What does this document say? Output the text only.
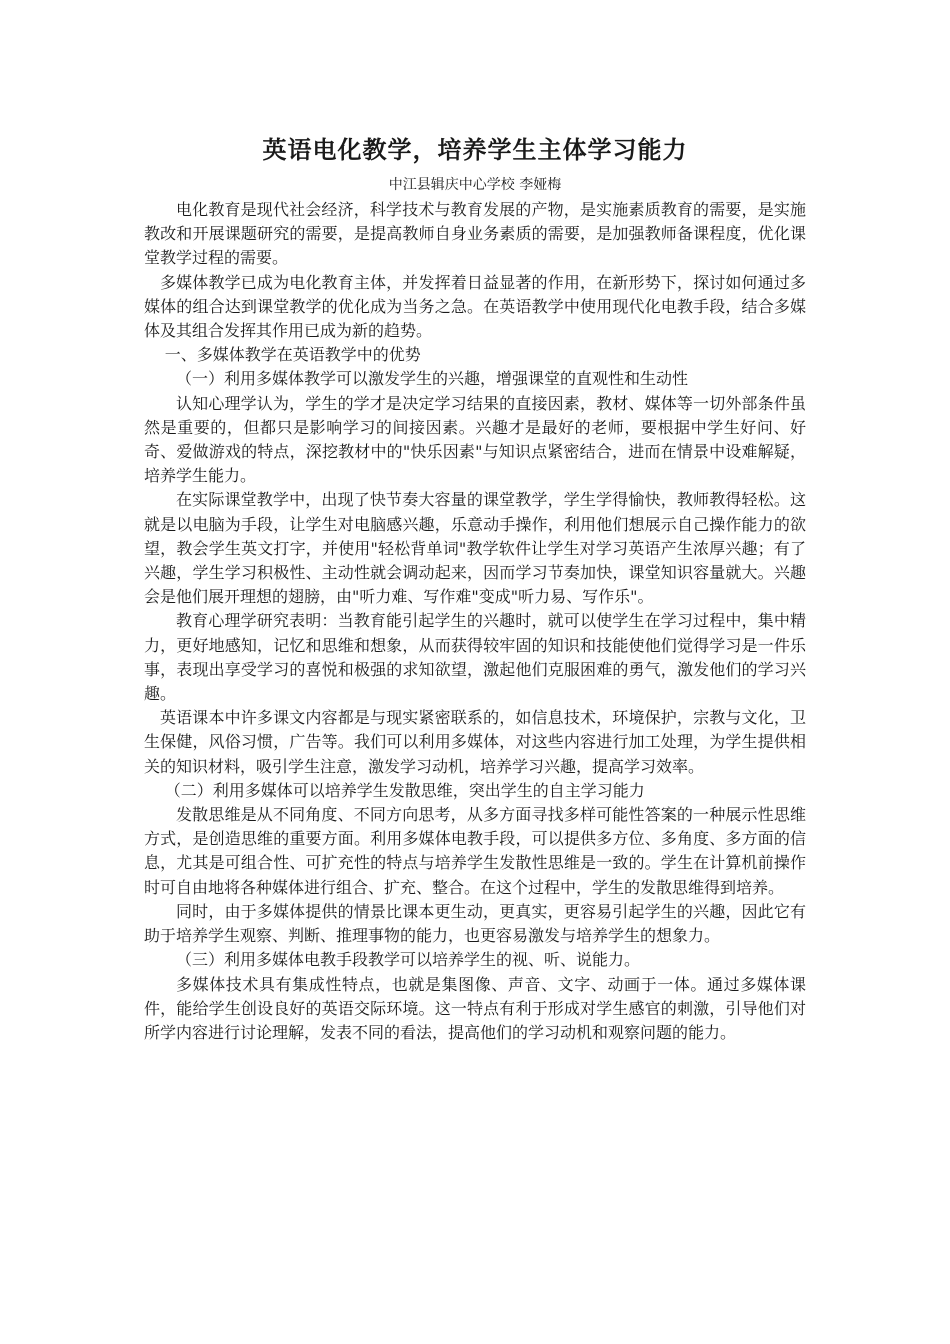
英语电化教学，培养学生主体学习能力

中江县辑庆中心学校 李娅梅

电化教育是现代社会经济，科学技术与教育发展的产物，是实施素质教育的需要，是实施教改和开展课题研究的需要，是提高教师自身业务素质的需要，是加强教师备课程度，优化课堂教学过程的需要。

多媒体教学已成为电化教育主体，并发挥着日益显著的作用，在新形势下，探讨如何通过多媒体的组合达到课堂教学的优化成为当务之急。在英语教学中使用现代化电教手段，结合多媒体及其组合发挥其作用已成为新的趋势。

一、多媒体教学在英语教学中的优势

（一）利用多媒体教学可以激发学生的兴趣，增强课堂的直观性和生动性

认知心理学认为，学生的学才是决定学习结果的直接因素，教材、媒体等一切外部条件虽然是重要的，但都只是影响学习的间接因素。兴趣才是最好的老师，要根据中学生好问、好奇、爱做游戏的特点，深挖教材中的"快乐因素"与知识点紧密结合，进而在情景中设难解疑，培养学生能力。

在实际课堂教学中，出现了快节奏大容量的课堂教学，学生学得愉快，教师教得轻松。这就是以电脑为手段，让学生对电脑感兴趣，乐意动手操作，利用他们想展示自己操作能力的欲望，教会学生英文打字，并使用"轻松背单词"教学软件让学生对学习英语产生浓厚兴趣；有了兴趣，学生学习积极性、主动性就会调动起来，因而学习节奏加快，课堂知识容量就大。兴趣会是他们展开理想的翅膀，由"听力难、写作难"变成"听力易、写作乐"。

教育心理学研究表明：当教育能引起学生的兴趣时，就可以使学生在学习过程中，集中精力，更好地感知，记忆和思维和想象，从而获得较牢固的知识和技能使他们觉得学习是一件乐事，表现出享受学习的喜悦和极强的求知欲望，激起他们克服困难的勇气，激发他们的学习兴趣。

英语课本中许多课文内容都是与现实紧密联系的，如信息技术，环境保护，宗教与文化，卫生保健，风俗习惯，广告等。我们可以利用多媒体，对这些内容进行加工处理，为学生提供相关的知识材料，吸引学生注意，激发学习动机，培养学习兴趣，提高学习效率。

（二）利用多媒体可以培养学生发散思维，突出学生的自主学习能力

发散思维是从不同角度、不同方向思考，从多方面寻找多样可能性答案的一种展示性思维方式，是创造思维的重要方面。利用多媒体电教手段，可以提供多方位、多角度、多方面的信息，尤其是可组合性、可扩充性的特点与培养学生发散性思维是一致的。学生在计算机前操作时可自由地将各种媒体进行组合、扩充、整合。在这个过程中，学生的发散思维得到培养。

同时，由于多媒体提供的情景比课本更生动，更真实，更容易引起学生的兴趣，因此它有助于培养学生观察、判断、推理事物的能力，也更容易激发与培养学生的想象力。

（三）利用多媒体电教手段教学可以培养学生的视、听、说能力。

多媒体技术具有集成性特点，也就是集图像、声音、文字、动画于一体。通过多媒体课件，能给学生创设良好的英语交际环境。这一特点有利于形成对学生感官的刺激，引导他们对所学内容进行讨论理解，发表不同的看法，提高他们的学习动机和观察问题的能力。
